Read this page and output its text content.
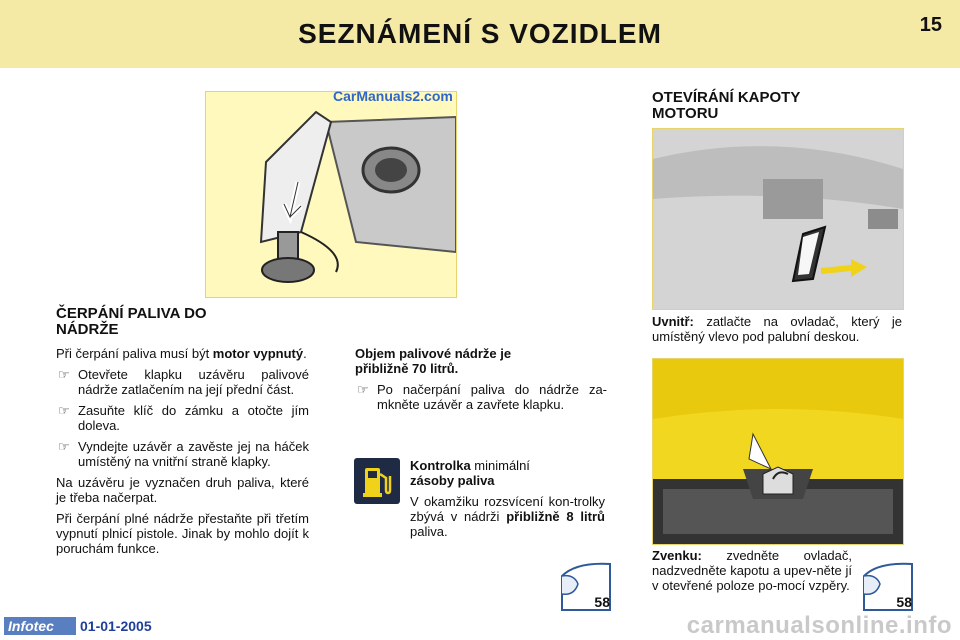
SEZNÁMENÍ S VOZIDLEM	15
CarManuals2.com
ČERPÁNÍ PALIVA DO
NÁDRŽE

Při čerpání paliva musí být motor vypnutý.

☞ Otevřete klapku uzávěru palivové nádrže zatlačením na její přední část.
☞ Zasuňte klíč do zámku a otočte jím doleva.
☞ Vyndejte uzávěr a zavěste jej na háček umístěný na vnitřní straně klapky.

Na uzávěru je vyznačen druh paliva, které je třeba načerpat.

Při čerpání plné nádrže přestaňte při třetím vypnutí plnicí pistole. Jinak by mohlo dojít k poruchám funkce.

Objem palivové nádrže je
přibližně 70 litrů.
☞ Po načerpání paliva do nádrže za-mkněte uzávěr a zavřete klapku.
Kontrolka minimální
zásoby paliva
V okamžiku rozsvícení kon-trolky zbývá v nádrži přibližně 8 litrů paliva.
58
OTEVÍRÁNÍ KAPOTY
MOTORU
Uvnitř: zatlačte na ovladač, který je umístěný vlevo pod palubní deskou.
Zvenku: zvedněte ovladač, nadzvedněte kapotu a upev-něte jí v otevřené poloze po-mocí vzpěry.
58
Infotec	01-01-2005	carmanualsonline.info
